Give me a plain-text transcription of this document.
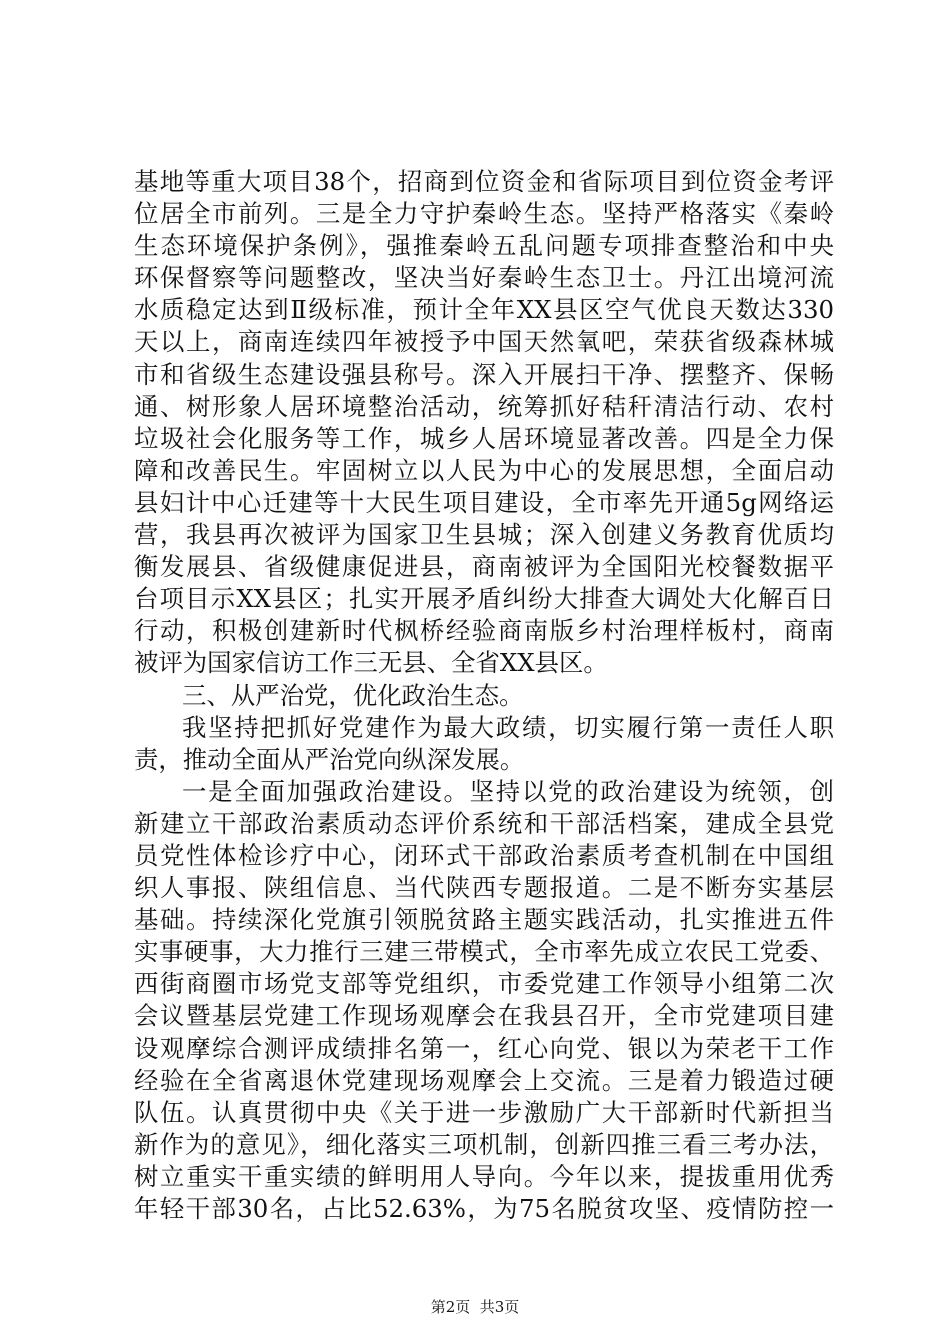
基地等重大项目38个，招商到位资金和省际项目到位资金考评
位居全市前列。三是全力守护秦岭生态。坚持严格落实《秦岭
生态环境保护条例》，强推秦岭五乱问题专项排查整治和中央
环保督察等问题整改，坚决当好秦岭生态卫士。丹江出境河流
水质稳定达到Ⅱ级标准，预计全年XX县区空气优良天数达330
天以上，商南连续四年被授予中国天然氧吧，荣获省级森林城
市和省级生态建设强县称号。深入开展扫干净、摆整齐、保畅
通、树形象人居环境整治活动，统筹抓好秸秆清洁行动、农村
垃圾社会化服务等工作，城乡人居环境显著改善。四是全力保
障和改善民生。牢固树立以人民为中心的发展思想，全面启动
县妇计中心迁建等十大民生项目建设，全市率先开通5g网络运
营，我县再次被评为国家卫生县城；深入创建义务教育优质均
衡发展县、省级健康促进县，商南被评为全国阳光校餐数据平
台项目示XX县区；扎实开展矛盾纠纷大排查大调处大化解百日
行动，积极创建新时代枫桥经验商南版乡村治理样板村，商南
被评为国家信访工作三无县、全省XX县区。
三、从严治党，优化政治生态。
我坚持把抓好党建作为最大政绩，切实履行第一责任人职
责，推动全面从严治党向纵深发展。
一是全面加强政治建设。坚持以党的政治建设为统领，创
新建立干部政治素质动态评价系统和干部活档案，建成全县党
员党性体检诊疗中心，闭环式干部政治素质考查机制在中国组
织人事报、陕组信息、当代陕西专题报道。二是不断夯实基层
基础。持续深化党旗引领脱贫路主题实践活动，扎实推进五件
实事硬事，大力推行三建三带模式，全市率先成立农民工党委、
西街商圈市场党支部等党组织，市委党建工作领导小组第二次
会议暨基层党建工作现场观摩会在我县召开，全市党建项目建
设观摩综合测评成绩排名第一，红心向党、银以为荣老干工作
经验在全省离退休党建现场观摩会上交流。三是着力锻造过硬
队伍。认真贯彻中央《关于进一步激励广大干部新时代新担当
新作为的意见》，细化落实三项机制，创新四推三看三考办法，
树立重实干重实绩的鲜明用人导向。今年以来，提拔重用优秀
年轻干部30名，占比52.63%，为75名脱贫攻坚、疫情防控一
第2页  共3页
